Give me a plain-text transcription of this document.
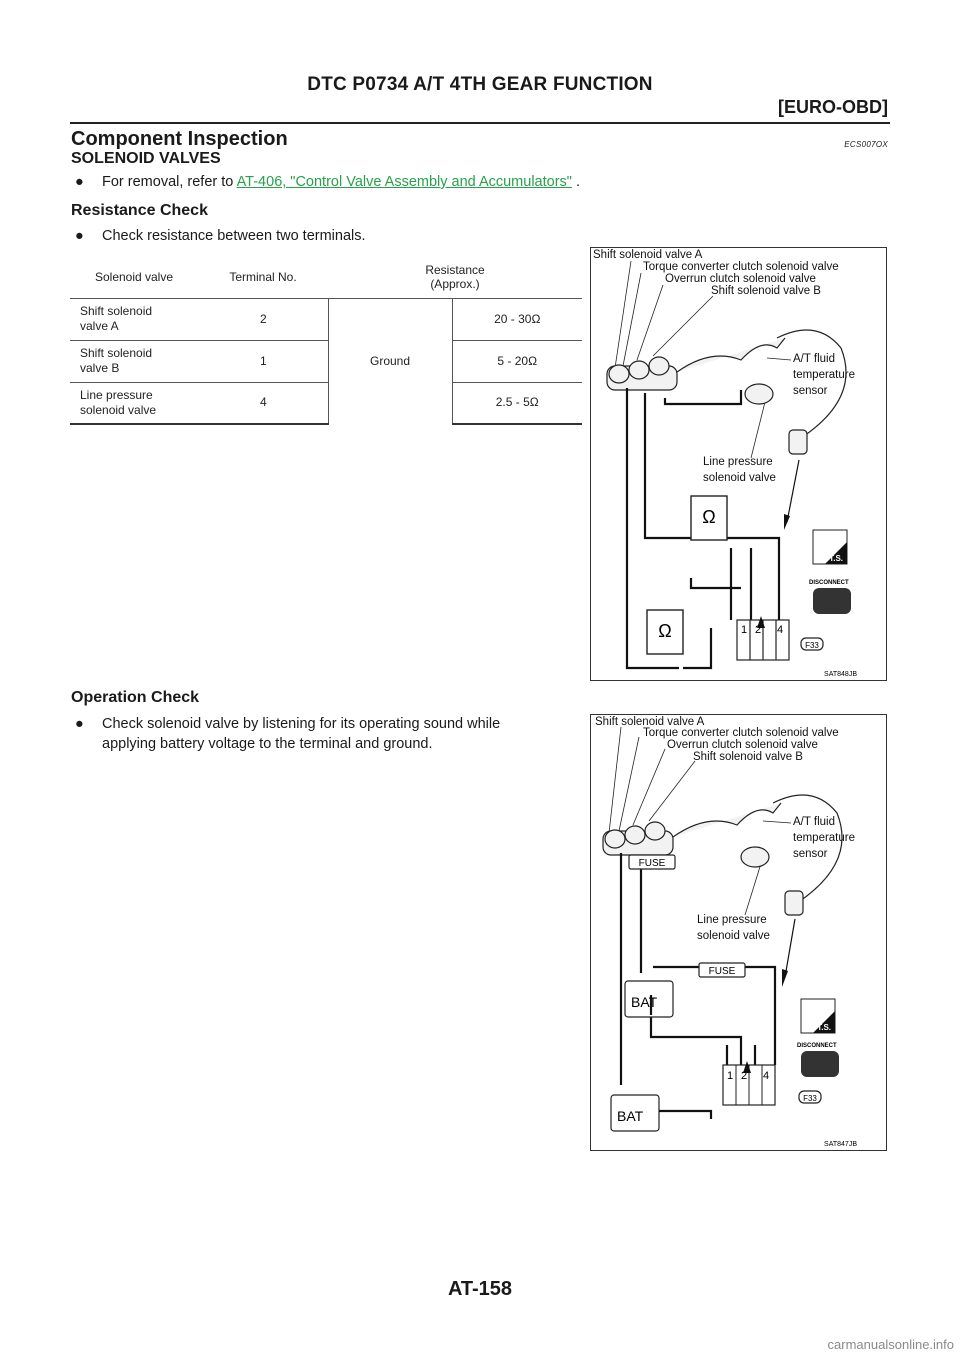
DTC P0734 A/T 4TH GEAR FUNCTION
[EURO-OBD]
Component Inspection	ECS007OX
SOLENOID VALVES
● For removal, refer to AT-406, "Control Valve Assembly and Accumulators" .
Resistance Check
● Check resistance between two terminals.
Solenoid valve	Terminal No.	Resistance
(Approx.)	
Shift solenoid
valve A	2	Ground	20 - 30Ω
Shift solenoid
valve B	1		5 - 20Ω
Line pressure
solenoid valve	4		2.5 - 5Ω
Ω
Ω	1 2 4
F33
T.S.
DISCONNECT
Shift solenoid valve A
Torque converter clutch solenoid valve
Overrun clutch solenoid valve
Shift solenoid valve B
A/T fluid
temperature
sensor
Line pressure
solenoid valve
SAT848JB
Operation Check
● Check solenoid valve by listening for its operating sound while
applying battery voltage to the terminal and ground.
FUSE
FUSE
BAT
BAT
1 2 4
F33
T.S.
DISCONNECT
Shift solenoid valve A
Torque converter clutch solenoid valve
Overrun clutch solenoid valve
Shift solenoid valve B
A/T fluid
temperature
sensor
Line pressure
solenoid valve
SAT847JB
AT-158
carmanualsonline.info
